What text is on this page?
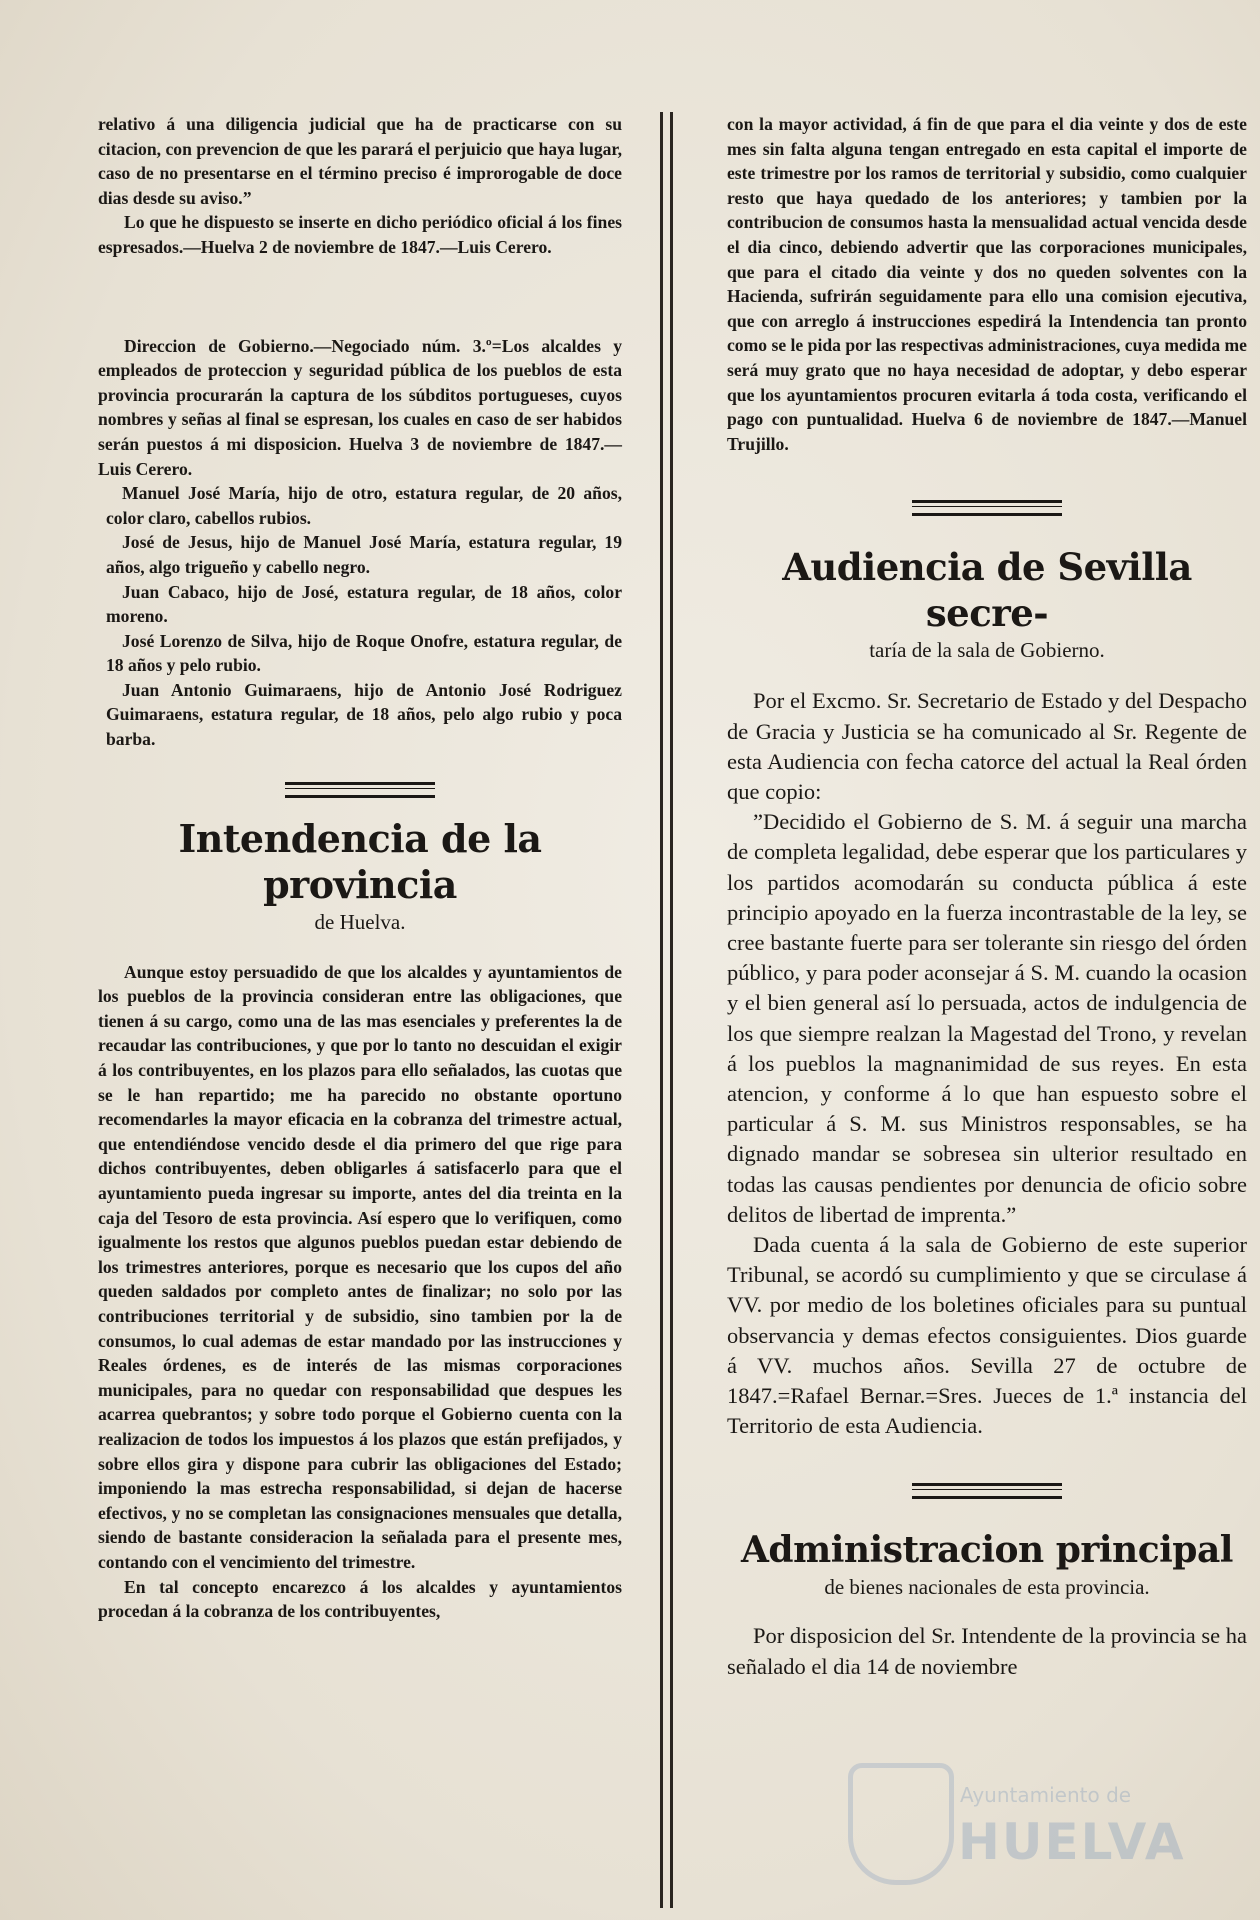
relativo á una diligencia judicial que ha de practicarse con su citacion, con prevencion de que les parará el perjuicio que haya lugar, caso de no presentarse en el término preciso é improrogable de doce dias desde su aviso.”

Lo que he dispuesto se inserte en dicho periódico oficial á los fines espresados.—Huelva 2 de noviembre de 1847.—Luis Cerero.

Direccion de Gobierno.—Negociado núm. 3.º=Los alcaldes y empleados de proteccion y seguridad pública de los pueblos de esta provincia procurarán la captura de los súbditos portugueses, cuyos nombres y señas al final se espresan, los cuales en caso de ser habidos serán puestos á mi disposicion. Huelva 3 de noviembre de 1847.—Luis Cerero.

Manuel José María, hijo de otro, estatura regular, de 20 años, color claro, cabellos rubios.

José de Jesus, hijo de Manuel José María, estatura regular, 19 años, algo trigueño y cabello negro.

Juan Cabaco, hijo de José, estatura regular, de 18 años, color moreno.

José Lorenzo de Silva, hijo de Roque Onofre, estatura regular, de 18 años y pelo rubio.

Juan Antonio Guimaraens, hijo de Antonio José Rodriguez Guimaraens, estatura regular, de 18 años, pelo algo rubio y poca barba.

Intendencia de la provincia

de Huelva.

Aunque estoy persuadido de que los alcaldes y ayuntamientos de los pueblos de la provincia consideran entre las obligaciones, que tienen á su cargo, como una de las mas esenciales y preferentes la de recaudar las contribuciones, y que por lo tanto no descuidan el exigir á los contribuyentes, en los plazos para ello señalados, las cuotas que se le han repartido; me ha parecido no obstante oportuno recomendarles la mayor eficacia en la cobranza del trimestre actual, que entendiéndose vencido desde el dia primero del que rige para dichos contribuyentes, deben obligarles á satisfacerlo para que el ayuntamiento pueda ingresar su importe, antes del dia treinta en la caja del Tesoro de esta provincia. Así espero que lo verifiquen, como igualmente los restos que algunos pueblos puedan estar debiendo de los trimestres anteriores, porque es necesario que los cupos del año queden saldados por completo antes de finalizar; no solo por las contribuciones territorial y de subsidio, sino tambien por la de consumos, lo cual ademas de estar mandado por las instrucciones y Reales órdenes, es de interés de las mismas corporaciones municipales, para no quedar con responsabilidad que despues les acarrea quebrantos; y sobre todo porque el Gobierno cuenta con la realizacion de todos los impuestos á los plazos que están prefijados, y sobre ellos gira y dispone para cubrir las obligaciones del Estado; imponiendo la mas estrecha responsabilidad, si dejan de hacerse efectivos, y no se completan las consignaciones mensuales que detalla, siendo de bastante consideracion la señalada para el presente mes, contando con el vencimiento del trimestre.

En tal concepto encarezco á los alcaldes y ayuntamientos procedan á la cobranza de los contribuyentes,

con la mayor actividad, á fin de que para el dia veinte y dos de este mes sin falta alguna tengan entregado en esta capital el importe de este trimestre por los ramos de territorial y subsidio, como cualquier resto que haya quedado de los anteriores; y tambien por la contribucion de consumos hasta la mensualidad actual vencida desde el dia cinco, debiendo advertir que las corporaciones municipales, que para el citado dia veinte y dos no queden solventes con la Hacienda, sufrirán seguidamente para ello una comision ejecutiva, que con arreglo á instrucciones espedirá la Intendencia tan pronto como se le pida por las respectivas administraciones, cuya medida me será muy grato que no haya necesidad de adoptar, y debo esperar que los ayuntamientos procuren evitarla á toda costa, verificando el pago con puntualidad. Huelva 6 de noviembre de 1847.—Manuel Trujillo.

Audiencia de Sevilla secre-

taría de la sala de Gobierno.

Por el Excmo. Sr. Secretario de Estado y del Despacho de Gracia y Justicia se ha comunicado al Sr. Regente de esta Audiencia con fecha catorce del actual la Real órden que copio:

”Decidido el Gobierno de S. M. á seguir una marcha de completa legalidad, debe esperar que los particulares y los partidos acomodarán su conducta pública á este principio apoyado en la fuerza incontrastable de la ley, se cree bastante fuerte para ser tolerante sin riesgo del órden público, y para poder aconsejar á S. M. cuando la ocasion y el bien general así lo persuada, actos de indulgencia de los que siempre realzan la Magestad del Trono, y revelan á los pueblos la magnanimidad de sus reyes. En esta atencion, y conforme á lo que han espuesto sobre el particular á S. M. sus Ministros responsables, se ha dignado mandar se sobresea sin ulterior resultado en todas las causas pendientes por denuncia de oficio sobre delitos de libertad de imprenta.”

Dada cuenta á la sala de Gobierno de este superior Tribunal, se acordó su cumplimiento y que se circulase á VV. por medio de los boletines oficiales para su puntual observancia y demas efectos consiguientes. Dios guarde á VV. muchos años. Sevilla 27 de octubre de 1847.=Rafael Bernar.=Sres. Jueces de 1.ª instancia del Territorio de esta Audiencia.

Administracion principal

de bienes nacionales de esta provincia.

Por disposicion del Sr. Intendente de la provincia se ha señalado el dia 14 de noviembre

Ayuntamiento de
HUELVA
